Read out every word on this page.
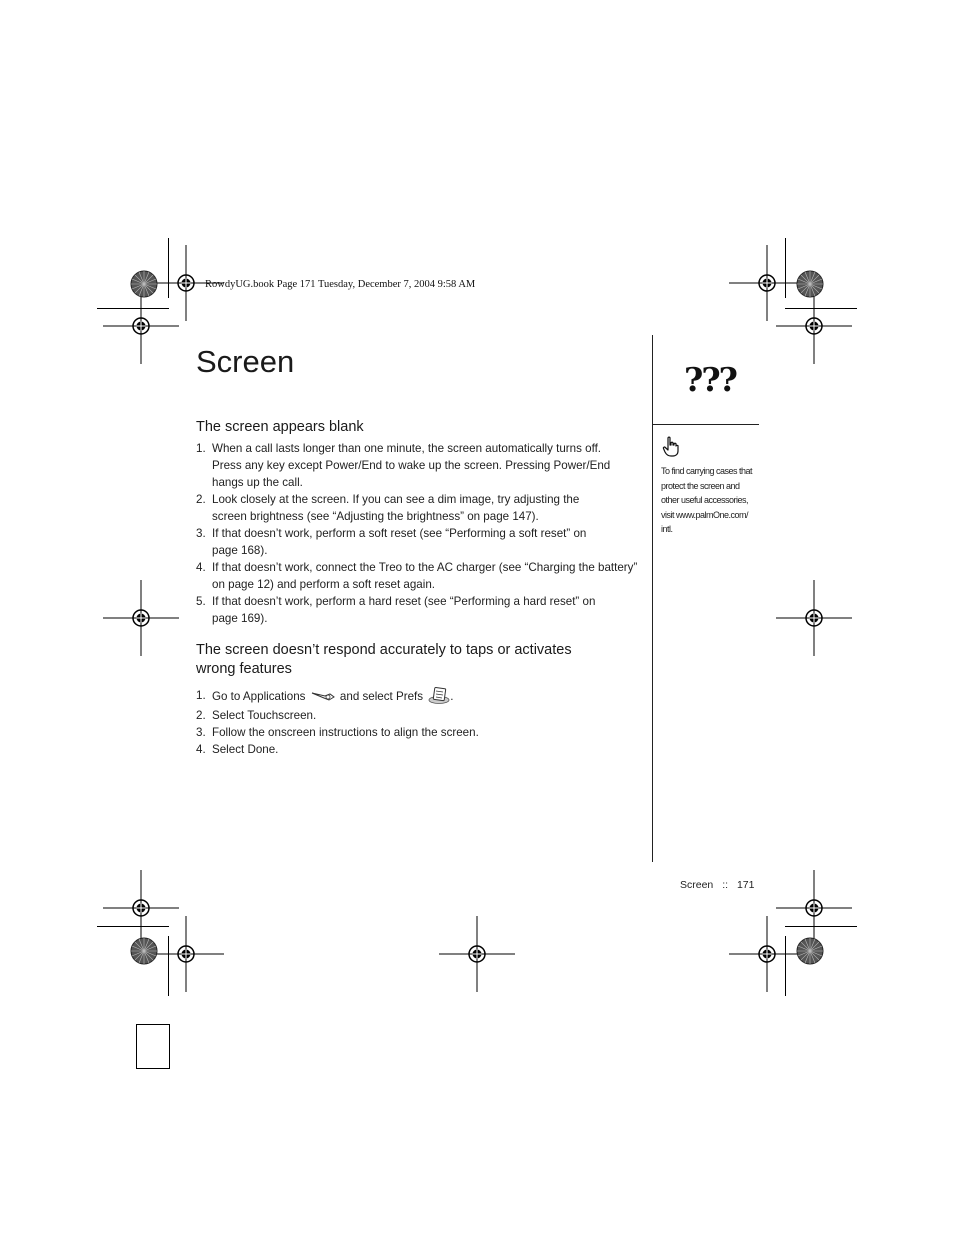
RowdyUG.book Page 171 Tuesday, December 7, 2004 9:58 AM
Screen
The screen appears blank
1. When a call lasts longer than one minute, the screen automatically turns off.
Press any key except Power/End to wake up the screen. Pressing Power/End
hangs up the call.
2. Look closely at the screen. If you can see a dim image, try adjusting the
screen brightness (see “Adjusting the brightness” on page 147).
3. If that doesn’t work, perform a soft reset (see “Performing a soft reset” on
page 168).
4. If that doesn’t work, connect the Treo to the AC charger (see “Charging the battery”
on page 12) and perform a soft reset again.
5. If that doesn’t work, perform a hard reset (see “Performing a hard reset” on
page 169).
The screen doesn’t respond accurately to taps or activates
wrong features
1. Go to Applications	and select Prefs .
2. Select Touchscreen.
3. Follow the onscreen instructions to align the screen.
4. Select Done.
???
To find carrying cases that
protect the screen and
other useful accessories,
visit www.palmOne.com/
intl.
Screen :: 171
